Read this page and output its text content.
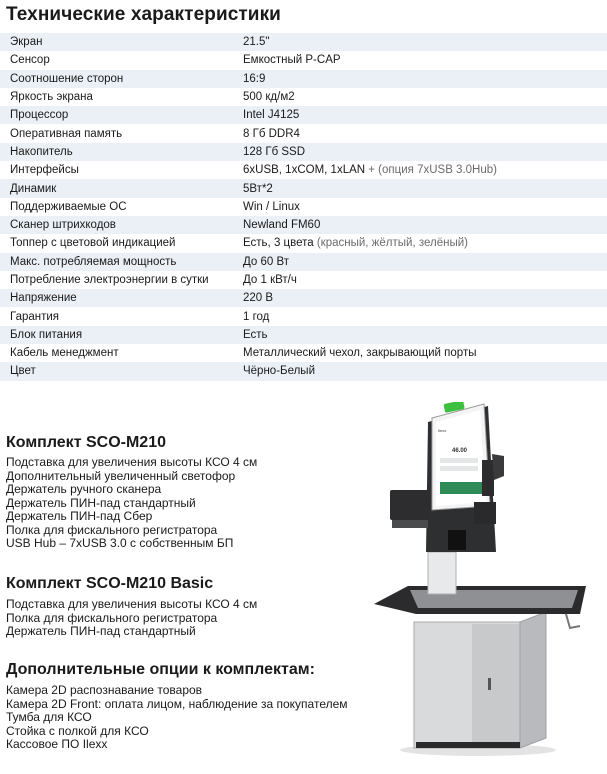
Технические характеристики
Экран	21.5"
Сенсор	Емкостный P-CAP
Соотношение сторон	16:9
Яркость экрана	500 кд/м2
Процессор	Intel J4125
Оперативная память	8 Гб DDR4
Накопитель	128 Гб SSD
Интерфейсы	6xUSB, 1xCOM, 1xLAN + (опция 7xUSB 3.0Hub)
Динамик	5Вт*2
Поддерживаемые ОС	Win / Linux
Сканер штрихкодов	Newland FM60
Топпер с цветовой индикацией	Есть, 3 цвета (красный, жёлтый, зелёный)
Макс. потребляемая мощность	До 60 Вт
Потребление электроэнергии в сутки	До 1 кВт/ч
Напряжение	220 В
Гарантия	1 год
Блок питания	Есть
Кабель менеджмент	Металлический чехол, закрывающий порты
Цвет	Чёрно-Белый
Комплект SCO-M210
Подставка для увеличения высоты КСО 4 см
Дополнительный увеличенный светофор
Держатель ручного сканера
Держатель ПИН-пад стандартный
Держатель ПИН-пад Сбер
Полка для фискального регистратора
USB Hub – 7xUSB 3.0 с собственным БП
Комплект SCO-M210 Basic
Подставка для увеличения высоты КСО 4 см
Полка для фискального регистратора
Держатель ПИН-пад стандартный
Дополнительные опции к комплектам:
Камера 2D распознавание товаров
Камера 2D Front: оплата лицом, наблюдение за покупателем
Тумба для КСО
Стойка с полкой для КСО
Кассовое ПО Ilexx
Ilexx
46.00
